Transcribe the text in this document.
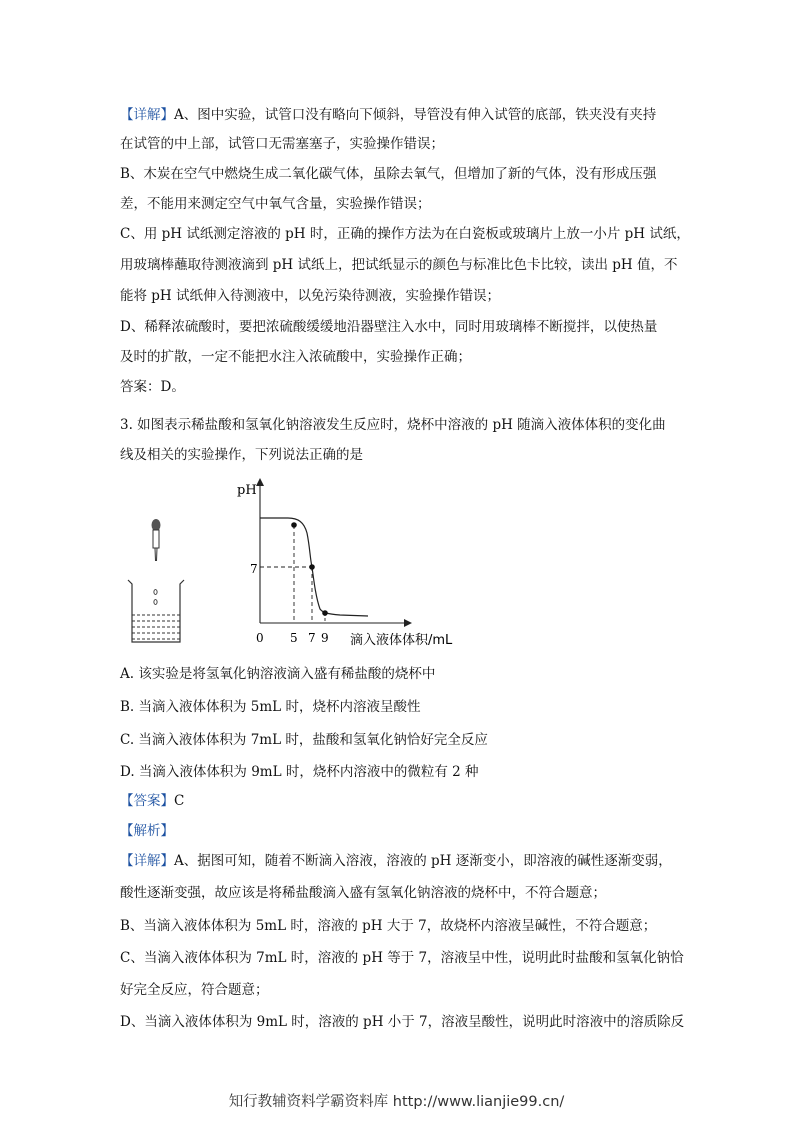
【详解】A、图中实验，试管口没有略向下倾斜，导管没有伸入试管的底部，铁夹没有夹持
在试管的中上部，试管口无需塞塞子，实验操作错误；
B、木炭在空气中燃烧生成二氧化碳气体，虽除去氧气，但增加了新的气体，没有形成压强
差，不能用来测定空气中氧气含量，实验操作错误；
C、用 pH 试纸测定溶液的 pH 时，正确的操作方法为在白瓷板或玻璃片上放一小片 pH 试纸，
用玻璃棒蘸取待测液滴到 pH 试纸上，把试纸显示的颜色与标准比色卡比较，读出 pH 值，不
能将 pH 试纸伸入待测液中，以免污染待测液，实验操作错误；
D、稀释浓硫酸时，要把浓硫酸缓缓地沿器壁注入水中，同时用玻璃棒不断搅拌，以使热量
及时的扩散，一定不能把水注入浓硫酸中，实验操作正确；
答案：D。
3. 如图表示稀盐酸和氢氧化钠溶液发生反应时，烧杯中溶液的 pH 随滴入液体体积的变化曲
线及相关的实验操作，下列说法正确的是
pH
滴入液体体积/mL
7
0 5 7 9
A. 该实验是将氢氧化钠溶液滴入盛有稀盐酸的烧杯中
B. 当滴入液体体积为 5mL 时，烧杯内溶液呈酸性
C. 当滴入液体体积为 7mL 时，盐酸和氢氧化钠恰好完全反应
D. 当滴入液体体积为 9mL 时，烧杯内溶液中的微粒有 2 种
【答案】C
【解析】
【详解】A、据图可知，随着不断滴入溶液，溶液的 pH 逐渐变小，即溶液的碱性逐渐变弱，
酸性逐渐变强，故应该是将稀盐酸滴入盛有氢氧化钠溶液的烧杯中，不符合题意；
B、当滴入液体体积为 5mL 时，溶液的 pH 大于 7，故烧杯内溶液呈碱性，不符合题意；
C、当滴入液体体积为 7mL 时，溶液的 pH 等于 7，溶液呈中性，说明此时盐酸和氢氧化钠恰
好完全反应，符合题意；
D、当滴入液体体积为 9mL 时，溶液的 pH 小于 7，溶液呈酸性，说明此时溶液中的溶质除反
知行教辅资料学霸资料库 http://www.lianjie99.cn/
